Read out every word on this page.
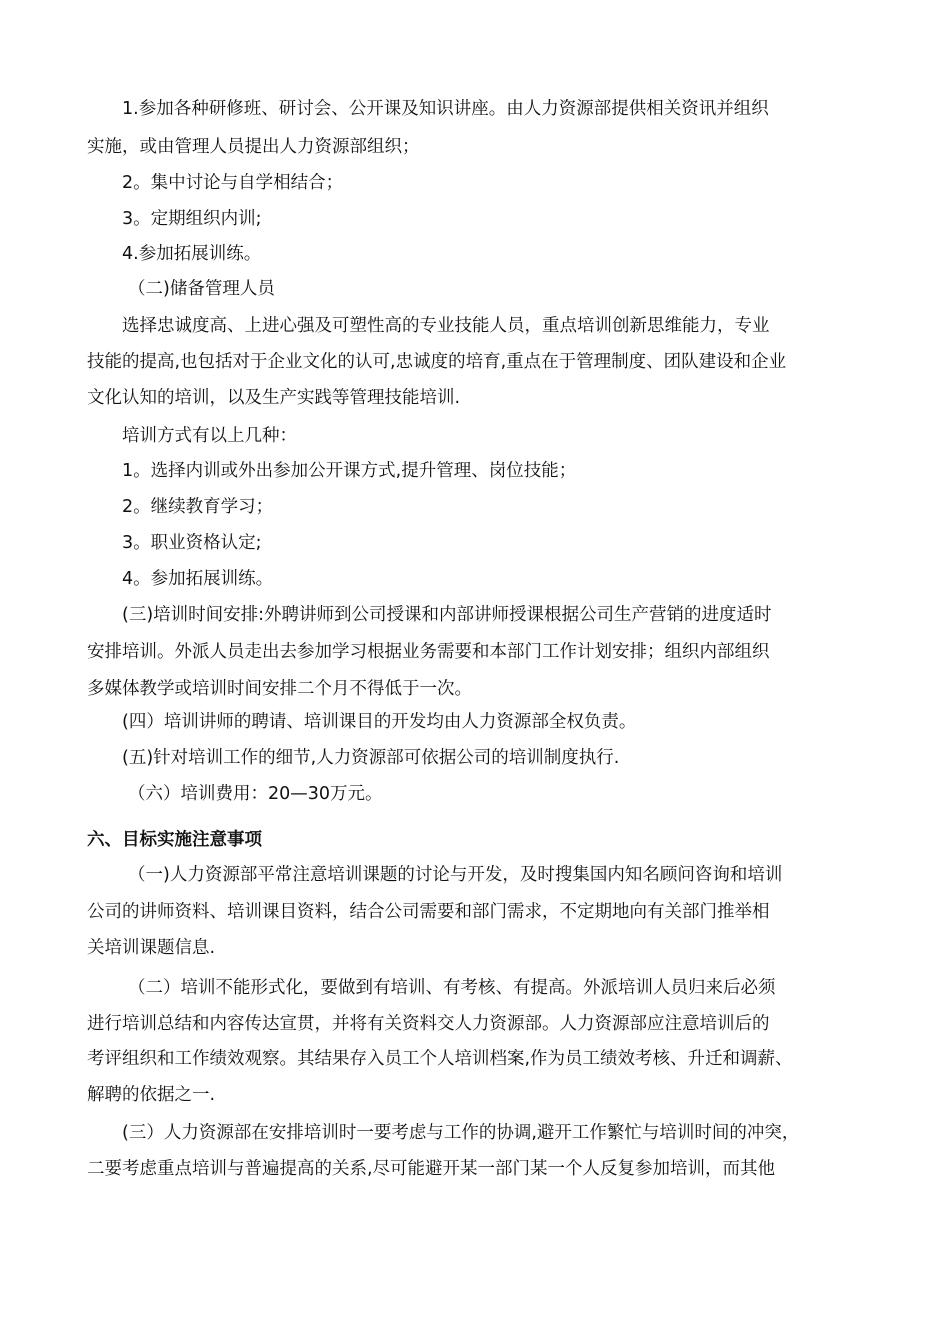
1.参加各种研修班、研讨会、公开课及知识讲座。由人力资源部提供相关资讯并组织
实施，或由管理人员提出人力资源部组织；
2。集中讨论与自学相结合；
3。定期组织内训;
4.参加拓展训练。
（二)储备管理人员
选择忠诚度高、上进心强及可塑性高的专业技能人员，重点培训创新思维能力，专业
技能的提高,也包括对于企业文化的认可,忠诚度的培育,重点在于管理制度、团队建设和企业
文化认知的培训，以及生产实践等管理技能培训.
培训方式有以上几种：
1。选择内训或外出参加公开课方式,提升管理、岗位技能；
2。继续教育学习；
3。职业资格认定;
4。参加拓展训练。
(三)培训时间安排:外聘讲师到公司授课和内部讲师授课根据公司生产营销的进度适时
安排培训。外派人员走出去参加学习根据业务需要和本部门工作计划安排；组织内部组织
多媒体教学或培训时间安排二个月不得低于一次。
(四）培训讲师的聘请、培训课目的开发均由人力资源部全权负责。
(五)针对培训工作的细节,人力资源部可依据公司的培训制度执行.
（六）培训费用：20—30万元。
六、目标实施注意事项
（一)人力资源部平常注意培训课题的讨论与开发，及时搜集国内知名顾问咨询和培训
公司的讲师资料、培训课目资料，结合公司需要和部门需求，不定期地向有关部门推举相
关培训课题信息.
（二）培训不能形式化，要做到有培训、有考核、有提高。外派培训人员归来后必须
进行培训总结和内容传达宣贯，并将有关资料交人力资源部。人力资源部应注意培训后的
考评组织和工作绩效观察。其结果存入员工个人培训档案,作为员工绩效考核、升迁和调薪、
解聘的依据之一.
(三）人力资源部在安排培训时一要考虑与工作的协调,避开工作繁忙与培训时间的冲突，
二要考虑重点培训与普遍提高的关系,尽可能避开某一部门某一个人反复参加培训，而其他
